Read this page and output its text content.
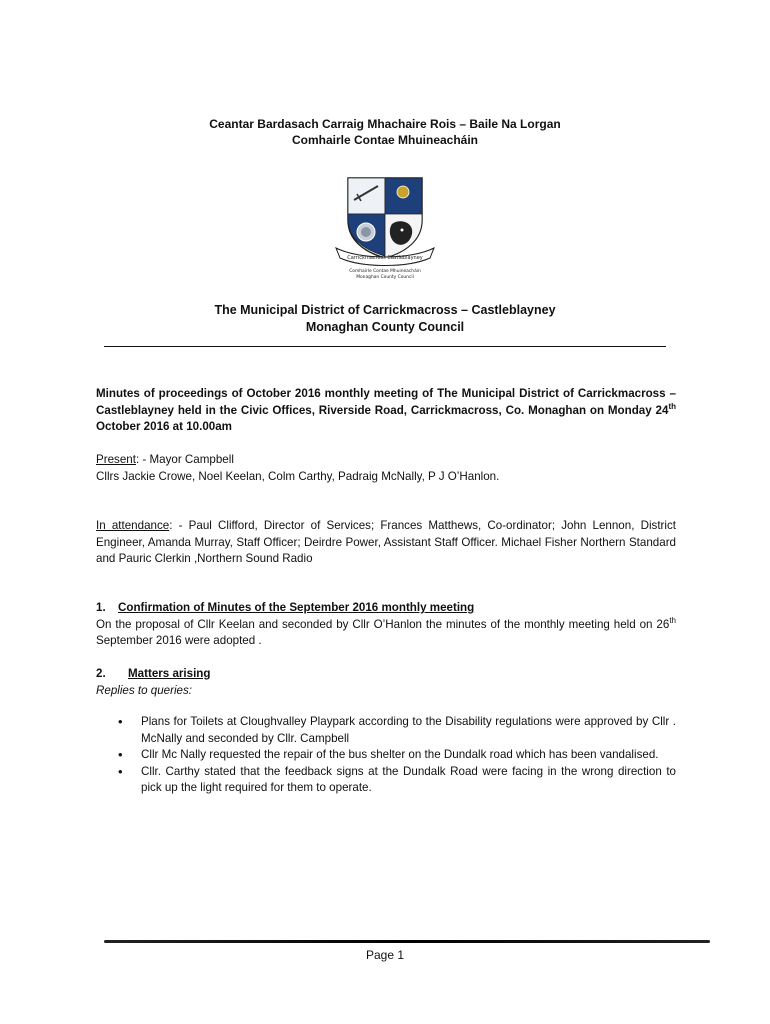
Ceantar Bardasach Carraig Mhachaire Rois – Baile Na Lorgan
Comhairle Contae Mhuineacháin
Carrickmacross Castleblayney
Comhairle Contae Mhuineacháin
Monaghan County Council
The Municipal District of Carrickmacross – Castleblayney
Monaghan County Council
Minutes of proceedings of October 2016 monthly meeting of The Municipal District of Carrickmacross – Castleblayney held in the Civic Offices, Riverside Road, Carrickmacross, Co. Monaghan on Monday 24th October 2016 at 10.00am
Present: - Mayor Campbell
Cllrs Jackie Crowe, Noel Keelan, Colm Carthy, Padraig McNally, P J O’Hanlon.
In attendance: - Paul Clifford, Director of Services; Frances Matthews, Co-ordinator; John Lennon, District Engineer, Amanda Murray, Staff Officer; Deirdre Power, Assistant Staff Officer. Michael Fisher Northern Standard and Pauric Clerkin ,Northern Sound Radio
1. Confirmation of Minutes of the September 2016 monthly meeting
On the proposal of Cllr Keelan and seconded by Cllr O’Hanlon the minutes of the monthly meeting held on 26th September 2016 were adopted .
2. Matters arising
Replies to queries:
• Plans for Toilets at Cloughvalley Playpark according to the Disability regulations were approved by Cllr . McNally and seconded by Cllr. Campbell
• Cllr Mc Nally requested the repair of the bus shelter on the Dundalk road which has been vandalised.
• Cllr. Carthy stated that the feedback signs at the Dundalk Road were facing in the wrong direction to pick up the light required for them to operate.
Page 1
